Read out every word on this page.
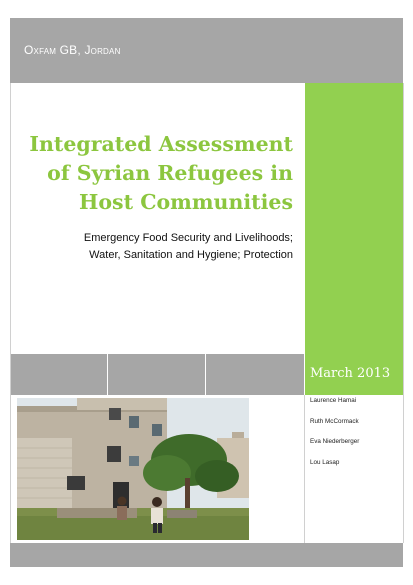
Oxfam GB, Jordan
Integrated Assessment
of Syrian Refugees in
Host Communities
Emergency Food Security and Livelihoods;
Water, Sanitation and Hygiene; Protection
March 2013
Laurence Hamai
Ruth McCormack
Eva Niederberger
Lou Lasap
